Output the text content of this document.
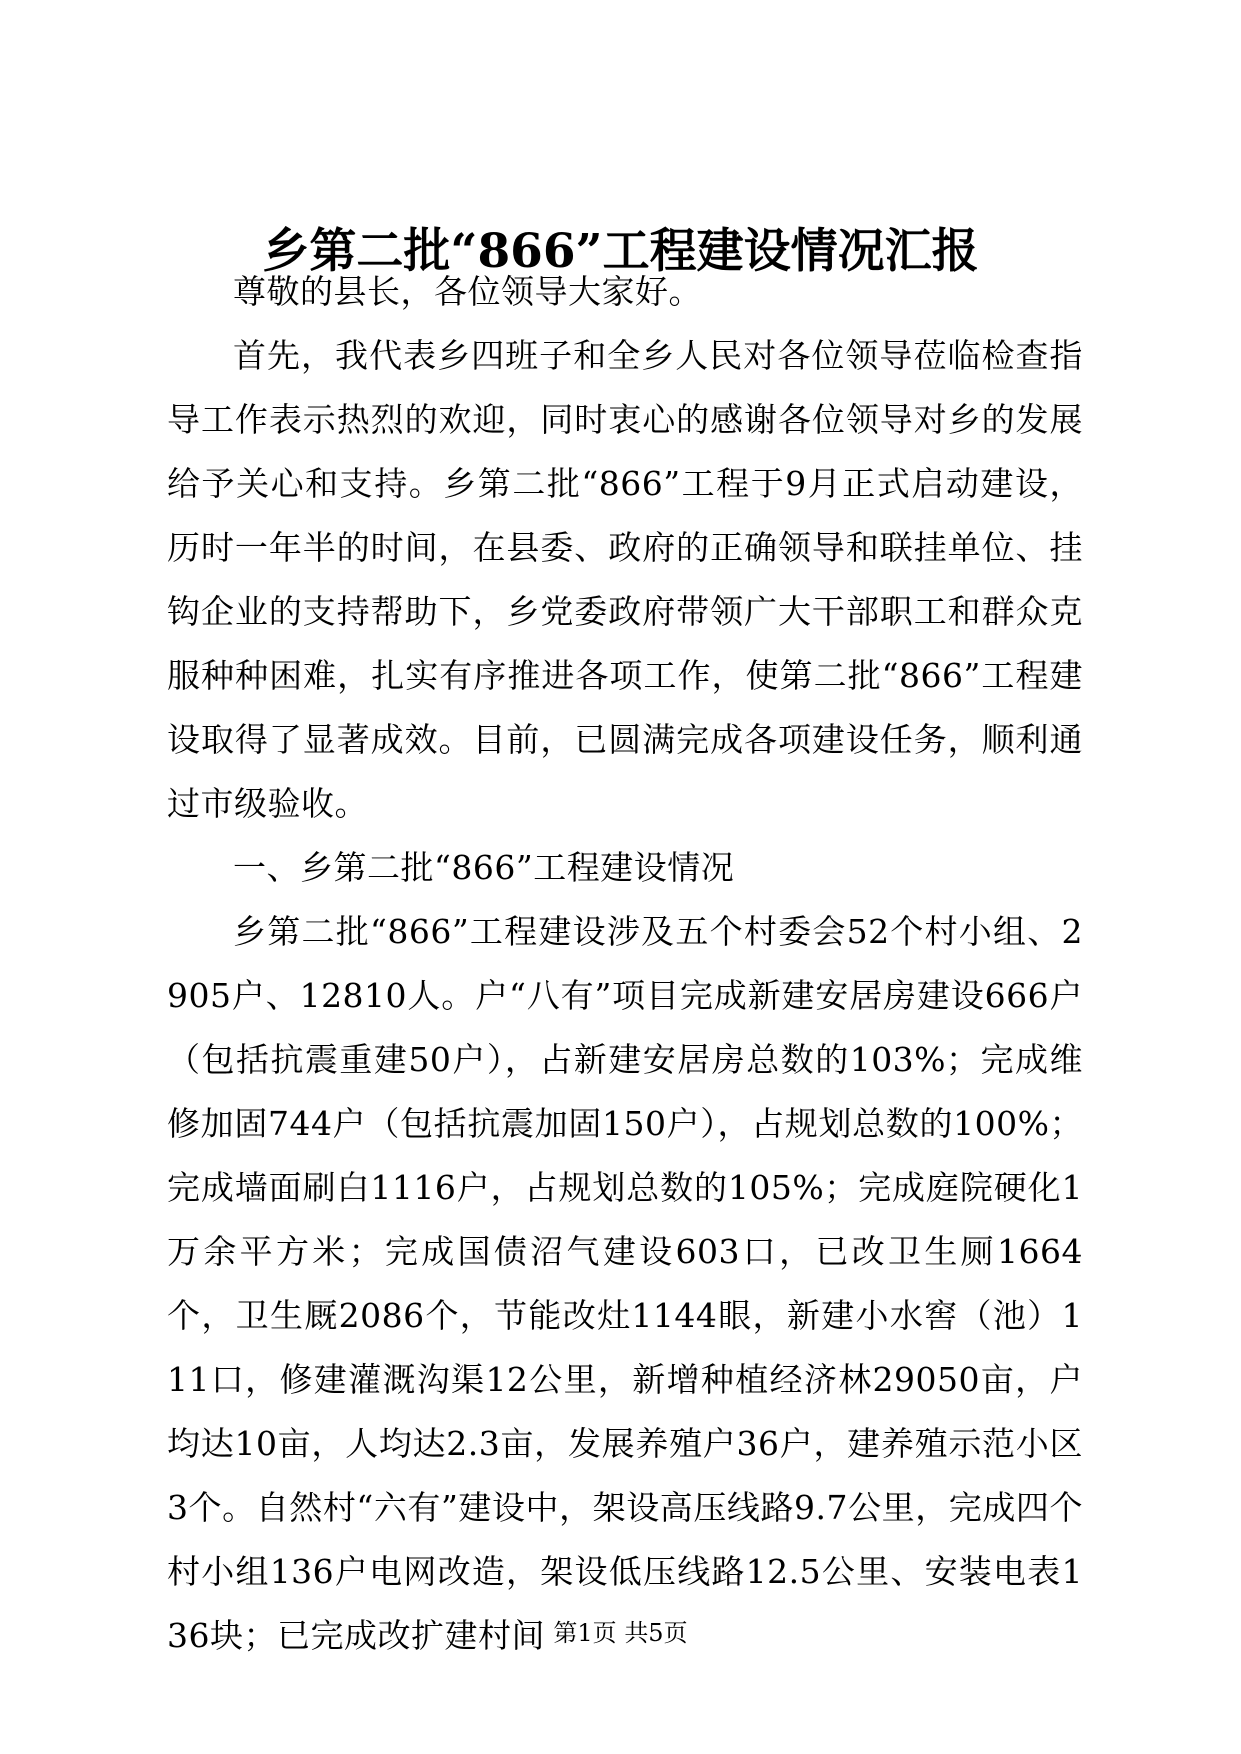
乡第二批“866”工程建设情况汇报

尊敬的县长，各位领导大家好。

首先，我代表乡四班子和全乡人民对各位领导莅临检查指导工作表示热烈的欢迎，同时衷心的感谢各位领导对乡的发展给予关心和支持。乡第二批“866”工程于9月正式启动建设，历时一年半的时间，在县委、政府的正确领导和联挂单位、挂钩企业的支持帮助下，乡党委政府带领广大干部职工和群众克服种种困难，扎实有序推进各项工作，使第二批“866”工程建设取得了显著成效。目前，已圆满完成各项建设任务，顺利通过市级验收。

一、乡第二批“866”工程建设情况

乡第二批“866”工程建设涉及五个村委会52个村小组、2905户、12810人。户“八有”项目完成新建安居房建设666户（包括抗震重建50户），占新建安居房总数的103%；完成维修加固744户（包括抗震加固150户），占规划总数的100%；完成墙面刷白1116户，占规划总数的105%；完成庭院硬化1万余平方米；完成国债沼气建设603口，已改卫生厕1664个，卫生厩2086个，节能改灶1144眼，新建小水窖（池）111口，修建灌溉沟渠12公里，新增种植经济林29050亩，户均达10亩，人均达2.3亩，发展养殖户36户，建养殖示范小区3个。自然村“六有”建设中，架设高压线路9.7公里，完成四个村小组136户电网改造，架设低压线路12.5公里、安装电表136块；已完成改扩建村间 第1页 共5页
